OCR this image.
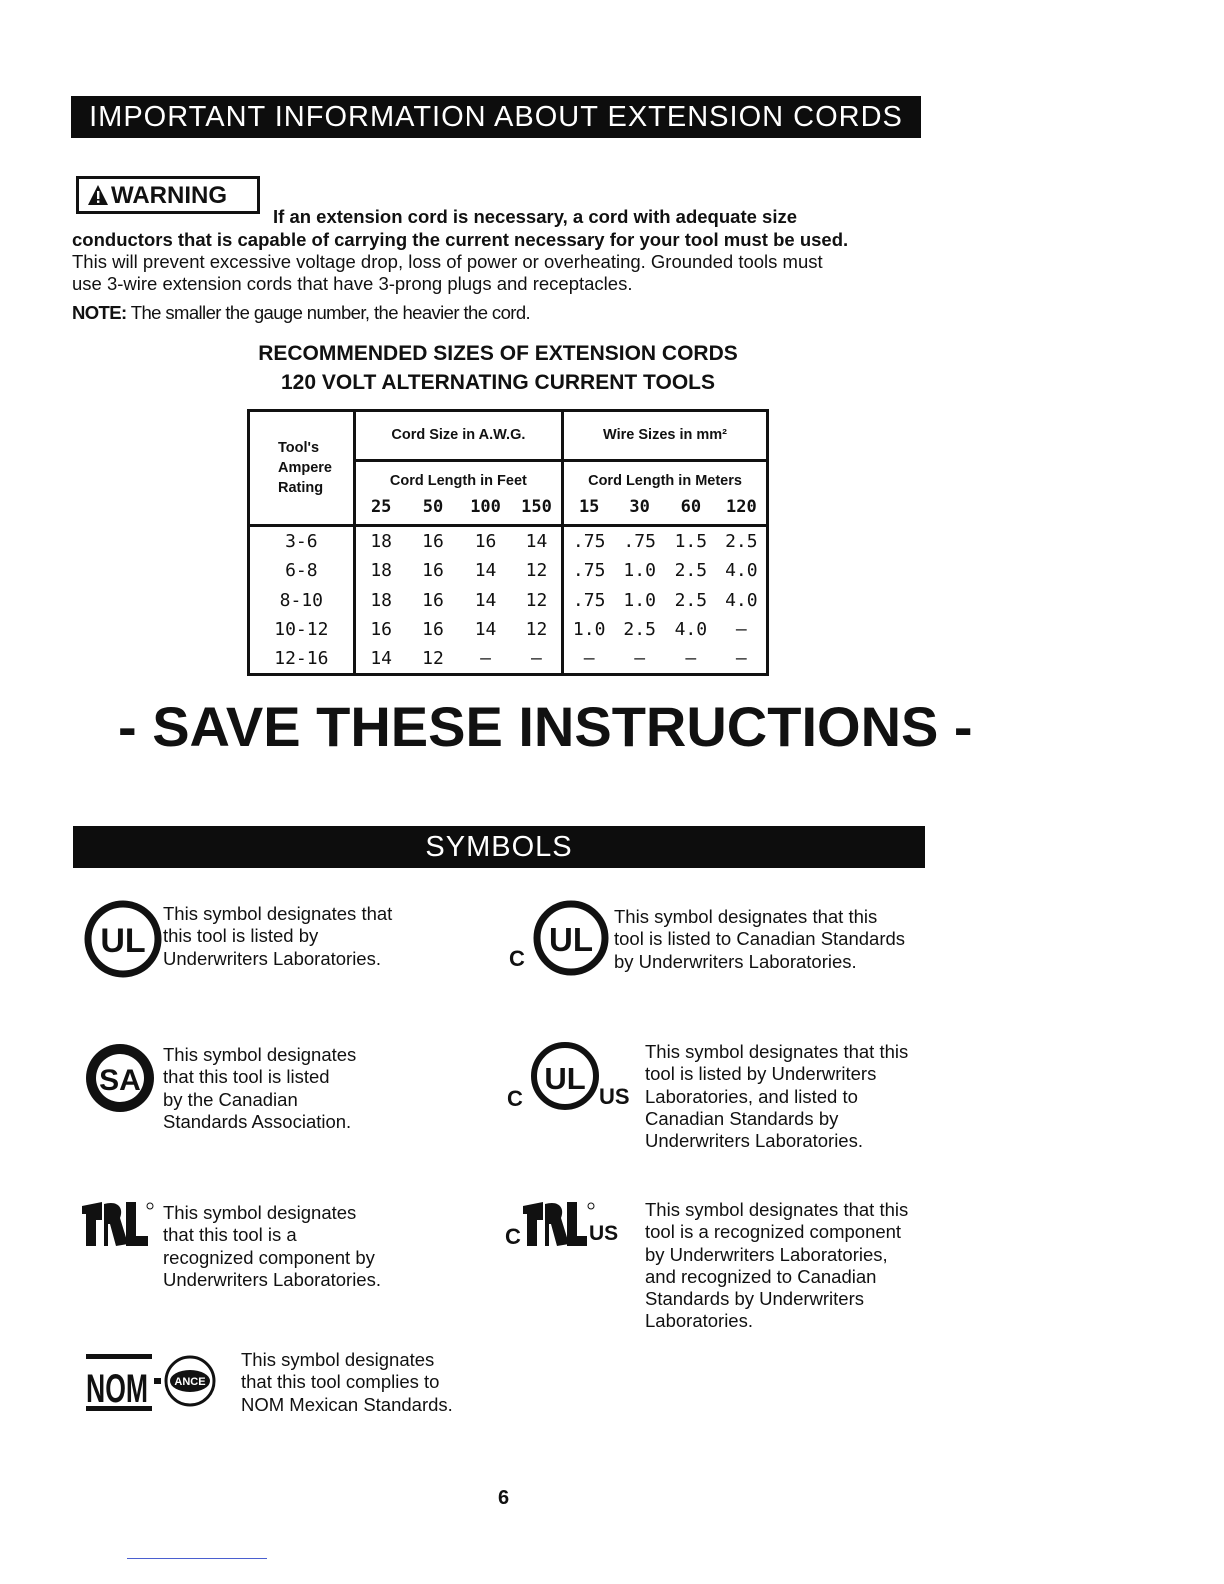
IMPORTANT INFORMATION ABOUT EXTENSION CORDS
WARNING
If an extension cord is necessary, a cord with adequate size
conductors that is capable of carrying the current necessary for your tool must be used.
This will prevent excessive voltage drop, loss of power or overheating. Grounded tools must
use 3-wire extension cords that have 3-prong plugs and receptacles.
NOTE: The smaller the gauge number, the heavier the cord.
RECOMMENDED SIZES OF EXTENSION CORDS
120 VOLT ALTERNATING CURRENT TOOLS
Tool's
Ampere
Rating	Cord Size in A.W.G.				Wire Sizes in mm²			
	Cord Length in Feet				Cord Length in Meters			
	25	50	100	150	15	30	60	120
3-6	18	16	16	14	.75	.75	1.5	2.5
6-8	18	16	14	12	.75	1.0	2.5	4.0
8-10	18	16	14	12	.75	1.0	2.5	4.0
10-12	16	16	14	12	1.0	2.5	4.0	—
12-16	14	12	—	—	—	—	—	—
- SAVE THESE INSTRUCTIONS -
SYMBOLS
UL
This symbol designates that
this tool is listed by
Underwriters Laboratories.
UL
C
This symbol designates that this
tool is listed to Canadian Standards
by Underwriters Laboratories.
SA
This symbol designates
that this tool is listed
by the Canadian
Standards Association.
UL
C	US
This symbol designates that this
tool is listed by Underwriters
Laboratories, and listed to
Canadian Standards by
Underwriters Laboratories.
This symbol designates
that this tool is a
recognized component by
Underwriters Laboratories.
C	US
This symbol designates that this
tool is a recognized component
by Underwriters Laboratories,
and recognized to Canadian
Standards by Underwriters
Laboratories.
NOM ANCE
This symbol designates
that this tool complies to
NOM Mexican Standards.
6
